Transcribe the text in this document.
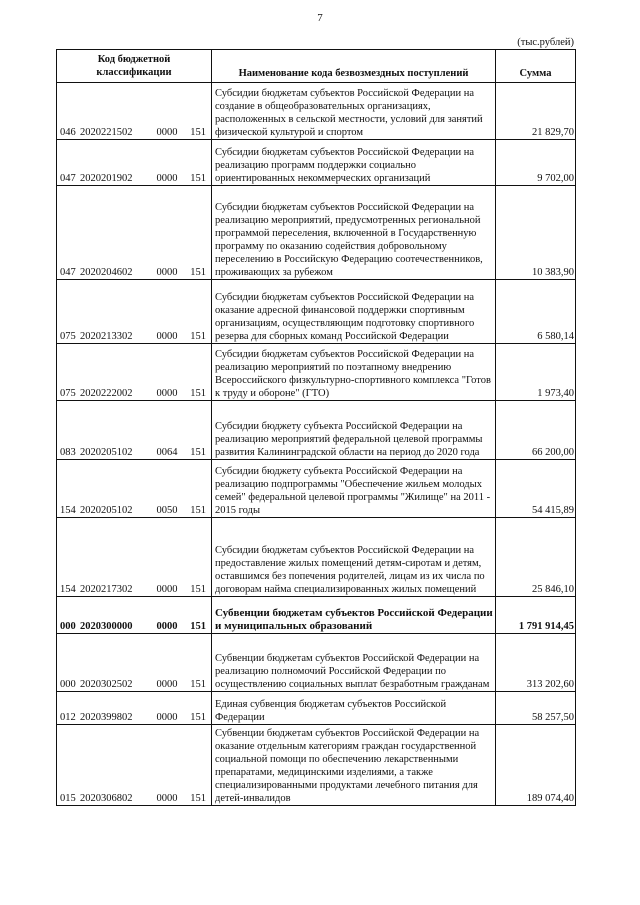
7
(тыс.рублей)
Код бюджетной классификации	Наименование кода безвозмездных поступлений	Сумма
046 2020221502 0000 151	Субсидии бюджетам субъектов Российской Федерации на создание в общеобразовательных организациях, расположенных в сельской местности, условий для занятий физической культурой и спортом	21 829,70
047 2020201902 0000 151	Субсидии бюджетам субъектов Российской Федерации на реализацию программ поддержки социально ориентированных некоммерческих организаций	9 702,00
047 2020204602 0000 151	Субсидии бюджетам субъектов Российской Федерации на реализацию мероприятий, предусмотренных региональной программой переселения, включенной в Государственную программу по оказанию содействия добровольному переселению в Российскую Федерацию соотечественников, проживающих за рубежом	10 383,90
075 2020213302 0000 151	Субсидии бюджетам субъектов Российской Федерации на оказание адресной финансовой поддержки спортивным организациям, осуществляющим подготовку спортивного резерва для сборных команд Российской Федерации	6 580,14
075 2020222002 0000 151	Субсидии бюджетам субъектов Российской Федерации на реализацию мероприятий по поэтапному внедрению Всероссийского физкультурно-спортивного комплекса "Готов к труду и обороне" (ГТО)	1 973,40
083 2020205102 0064 151	Субсидии бюджету субъекта Российской Федерации на реализацию мероприятий федеральной целевой программы развития Калининградской области на период до 2020 года	66 200,00
154 2020205102 0050 151	Субсидии бюджету субъекта Российской Федерации на реализацию подпрограммы "Обеспечение жильем молодых семей" федеральной целевой программы "Жилище" на 2011 - 2015 годы	54 415,89
154 2020217302 0000 151	Субсидии бюджетам субъектов Российской Федерации на предоставление жилых помещений детям-сиротам и детям, оставшимся без попечения родителей, лицам из их числа по договорам найма специализированных жилых помещений	25 846,10
000 2020300000 0000 151	Субвенции бюджетам субъектов Российской Федерации и муниципальных образований	1 791 914,45
000 2020302502 0000 151	Субвенции бюджетам субъектов Российской Федерации на реализацию полномочий Российской Федерации по осуществлению социальных выплат безработным гражданам	313 202,60
012 2020399802 0000 151	Единая субвенция бюджетам субъектов Российской Федерации	58 257,50
015 2020306802 0000 151	Субвенции бюджетам субъектов Российской Федерации на оказание отдельным категориям граждан государственной социальной помощи по обеспечению лекарственными препаратами, медицинскими изделиями, а также специализированными продуктами лечебного питания для детей-инвалидов	189 074,40
